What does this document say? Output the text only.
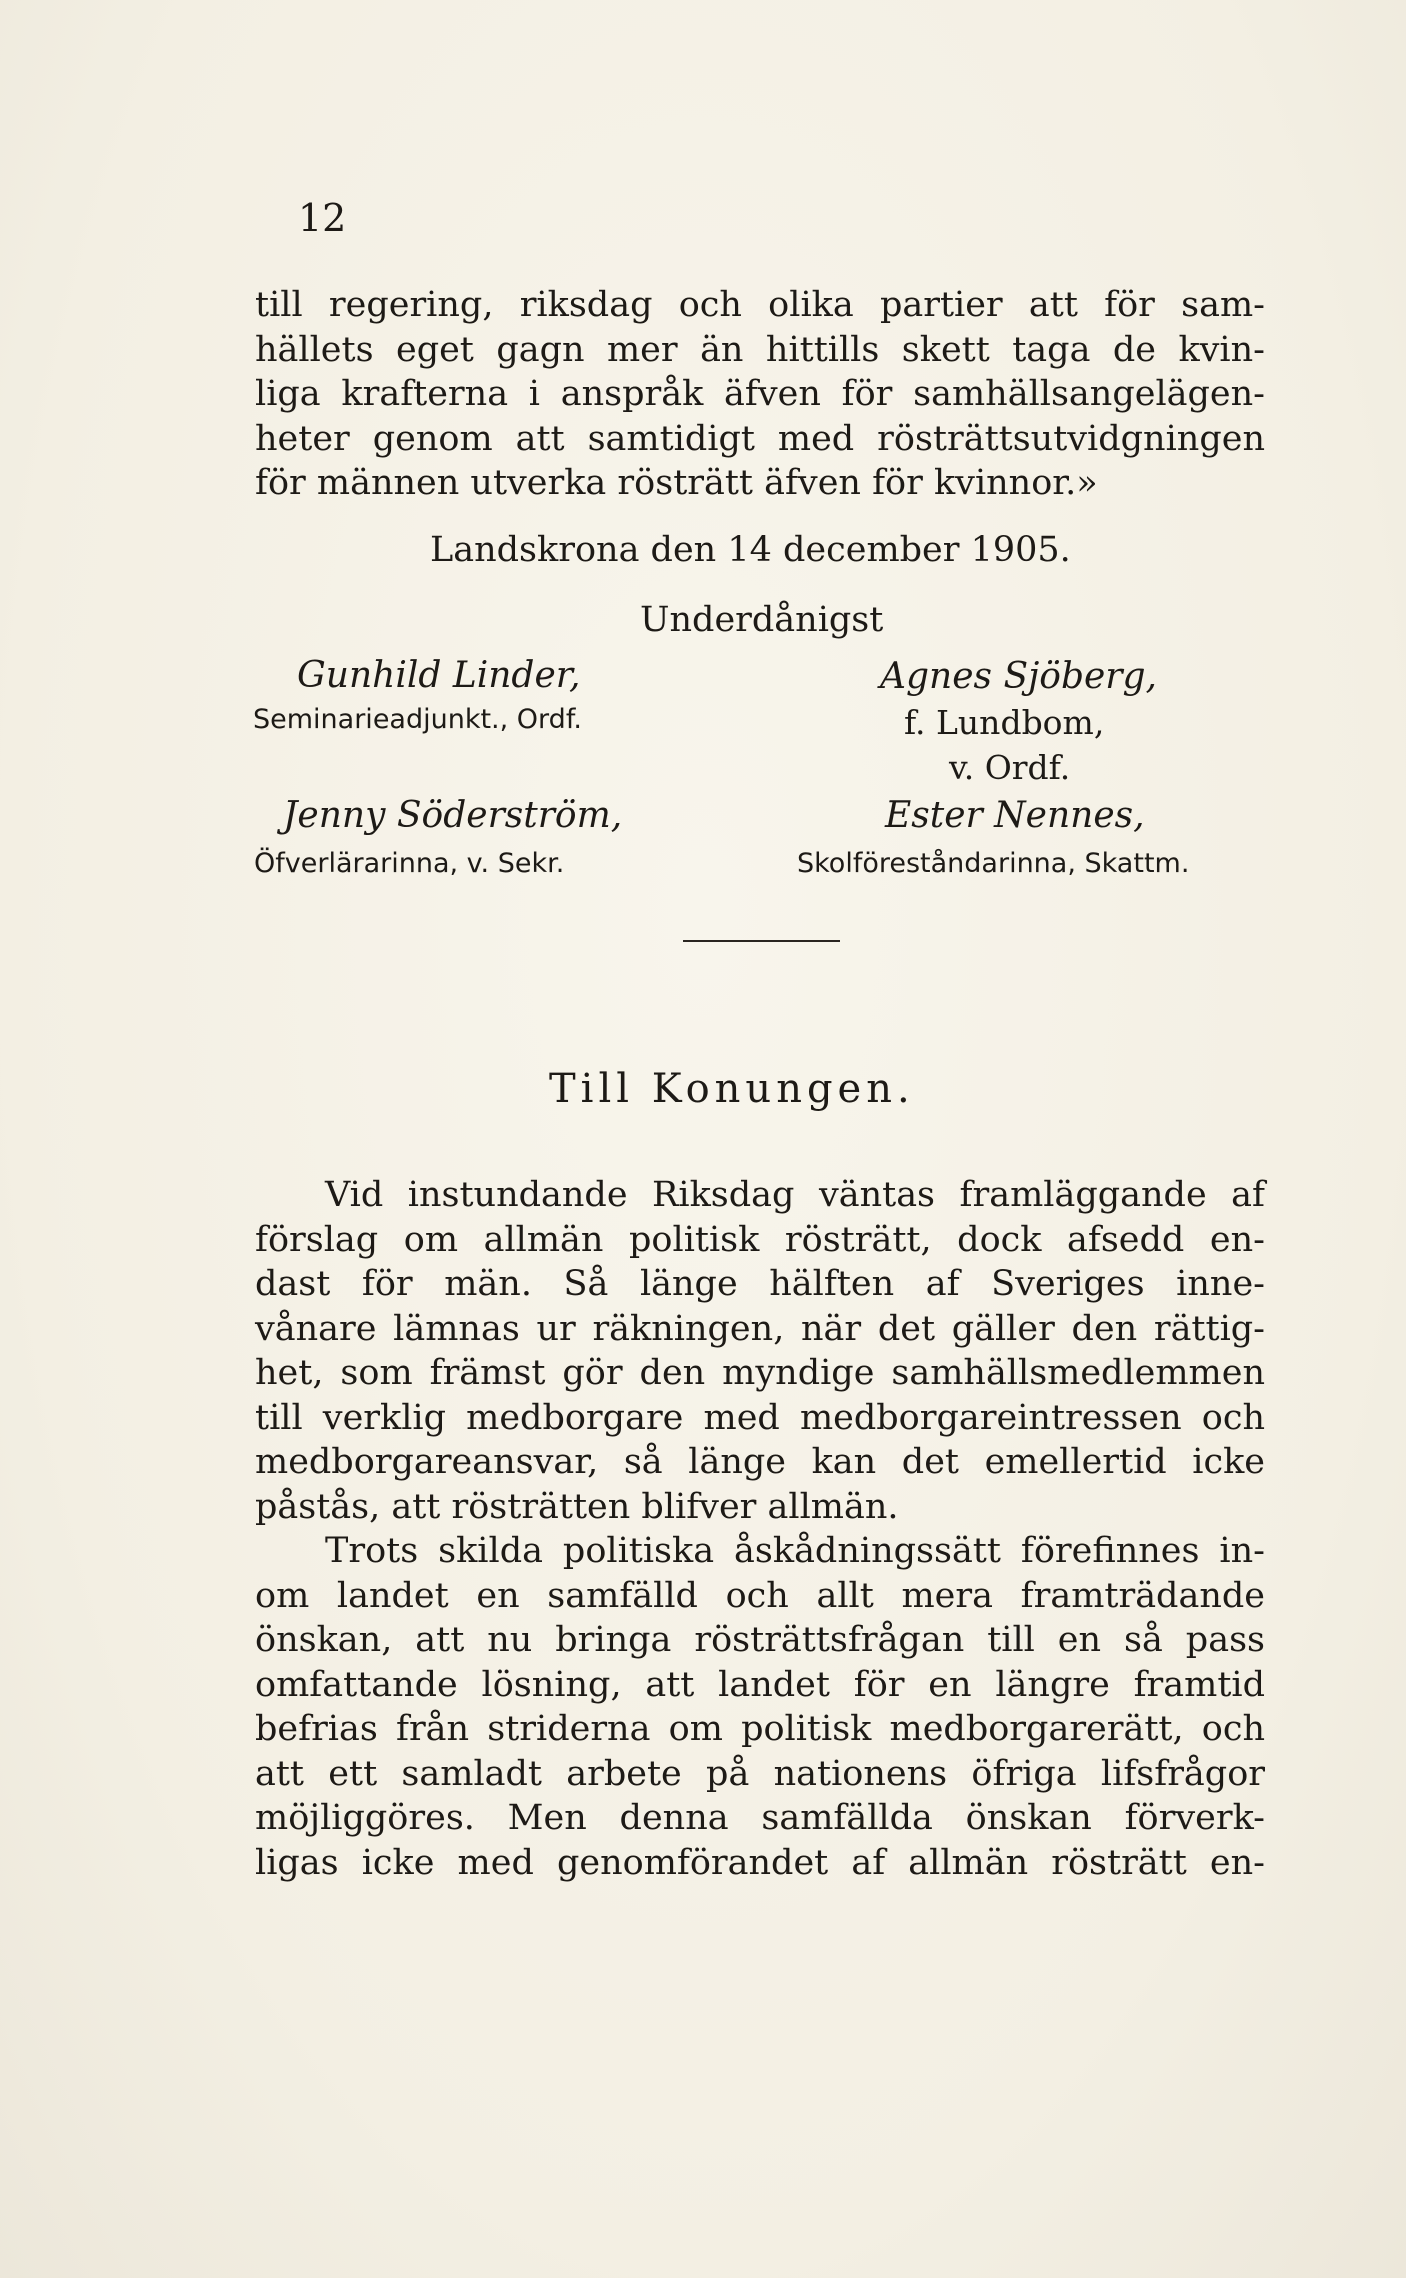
12
till regering, riksdag och olika partier att för sam-
hällets eget gagn mer än hittills skett taga de kvin-
liga krafterna i anspråk äfven för samhällsangelägen-
heter genom att samtidigt med rösträttsutvidgningen
för männen utverka rösträtt äfven för kvinnor.»
Landskrona den 14 december 1905.
Underdånigst
Gunhild Linder,
Seminarieadjunkt., Ordf.
Jenny Söderström,
Öfverlärarinna, v. Sekr.
Agnes Sjöberg,
f. Lundbom,
v. Ordf.
Ester Nennes,
Skolföreståndarinna, Skattm.
Till Konungen.
Vid instundande Riksdag väntas framläggande af
förslag om allmän politisk rösträtt, dock afsedd en-
dast för män. Så länge hälften af Sveriges inne-
vånare lämnas ur räkningen, när det gäller den rättig-
het, som främst gör den myndige samhällsmedlemmen
till verklig medborgare med medborgareintressen och
medborgareansvar, så länge kan det emellertid icke
påstås, att rösträtten blifver allmän.
Trots skilda politiska åskådningssätt förefinnes in-
om landet en samfälld och allt mera framträdande
önskan, att nu bringa rösträttsfrågan till en så pass
omfattande lösning, att landet för en längre framtid
befrias från striderna om politisk medborgarerätt, och
att ett samladt arbete på nationens öfriga lifsfrågor
möjliggöres. Men denna samfällda önskan förverk-
ligas icke med genomförandet af allmän rösträtt en-
